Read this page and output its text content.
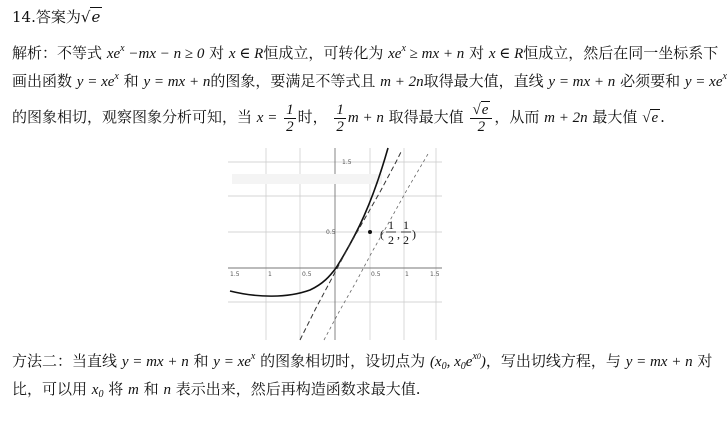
14.答案为√e
解析：不等式 $xe^x -mx - n \ge 0$ 对 x ∈ R恒成立，可转化为 $xe^x$ ≥ mx + n 对 x ∈ R恒成立，然后在同一坐标系下
画出函数 $y = xe^x$ 和 y = mx + n的图象，要满足不等式且 m + 2n取得最大值，直线 y = mx + n 必须要和 $y = xe^x$
的图象相切，观察图象分析可知，当 $x = \frac{1}{2}$ 时， $\frac{1}{2}$ m + n 取得最大值 $\frac{√e}{2}$ ，从而 m + 2n 最大值 √e .
1.5
0.5
1.5	1	0.5	0.5	1	1.5
(
1
2 ,
1
2 )
方法二：当直线 y = mx + n 和 $y = xe^x$ 的图象相切时，设切点为 ($x_0$, $x_0e^{x0}$)，写出切线方程，与 y = mx + n 对
比，可以用 $x_0$ 将 m 和 n 表示出来，然后再构造函数求最大值.
